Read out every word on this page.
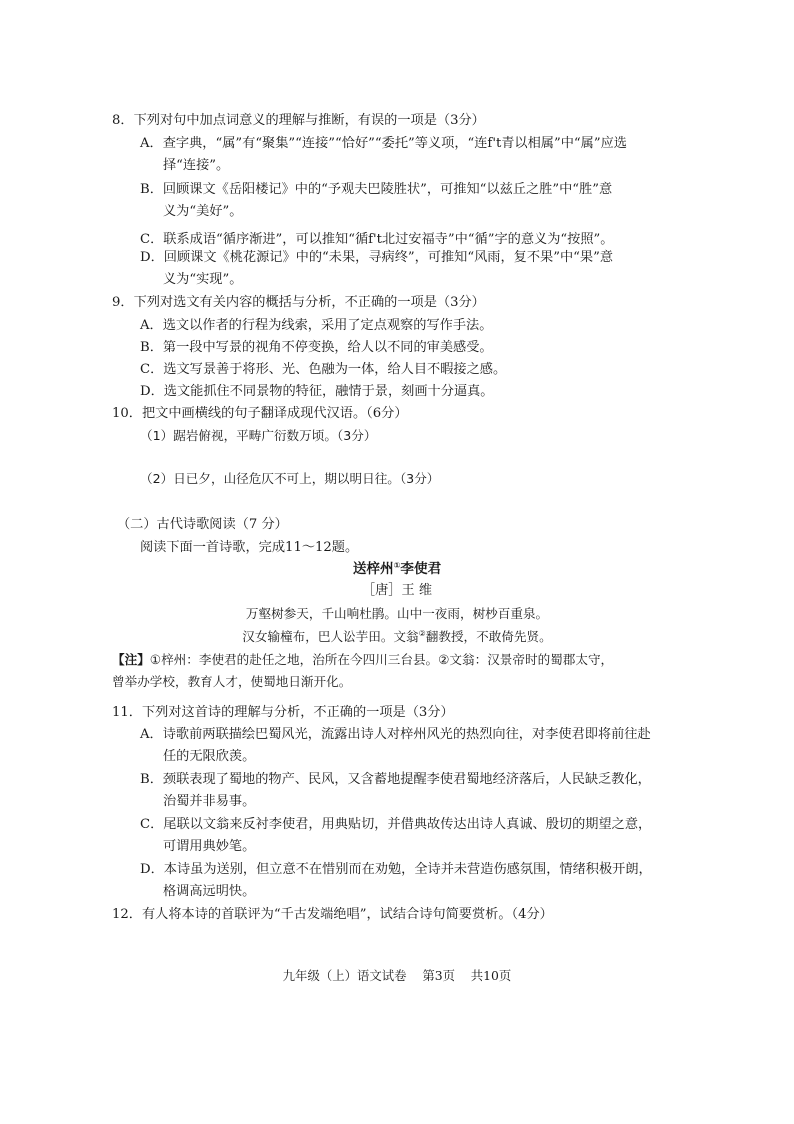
8．下列对句中加点词意义的理解与推断，有误的一项是（3分）
A．查字典，“属”有“聚集”“连接”“恰好”“委托”等义项，“连f't青以相属”中“属”应选
择“连接”。
B．回顾课文《岳阳楼记》中的“予观夫巴陵胜状”，可推知“以兹丘之胜”中“胜”意
义为“美好”。
C．联系成语“循序渐进”，可以推知“循f't北过安福寺”中“循”字的意义为“按照”。
D．回顾课文《桃花源记》中的“未果，寻病终”，可推知“风雨，复不果”中“果”意
义为“实现”。
9．下列对选文有关内容的概括与分析，不正确的一项是（3分）
A．选文以作者的行程为线索，采用了定点观察的写作手法。
B．第一段中写景的视角不停变换，给人以不同的审美感受。
C．选文写景善于将形、光、色融为一体，给人目不暇接之感。
D．选文能抓住不同景物的特征，融情于景，刻画十分逼真。
10．把文中画横线的句子翻译成现代汉语。（6分）
（1）踞岩俯视，平畴广衍数万顷。（3分）
（2）日已夕，山径危仄不可上，期以明日往。（3分）
（二）古代诗歌阅读（7 分）
阅读下面一首诗歌，完成11～12题。
送梓州①李使君
［唐］王 维
万壑树参天，千山响杜鹃。山中一夜雨，树杪百重泉。
汉女输橦布，巴人讼芋田。文翁②翻教授，不敢倚先贤。
【注】①梓州：李使君的赴任之地，治所在今四川三台县。②文翁：汉景帝时的蜀郡太守，
曾举办学校，教育人才，使蜀地日渐开化。
11．下列对这首诗的理解与分析，不正确的一项是（3分）
A．诗歌前两联描绘巴蜀风光，流露出诗人对梓州风光的热烈向往，对李使君即将前往赴
任的无限欣羡。
B．颈联表现了蜀地的物产、民风，又含蓄地提醒李使君蜀地经济落后，人民缺乏教化，
治蜀并非易事。
C．尾联以文翁来反衬李使君，用典贴切，并借典故传达出诗人真诚、殷切的期望之意，
可谓用典妙笔。
D．本诗虽为送别，但立意不在惜别而在劝勉，全诗并未营造伤感氛围，情绪积极开朗，
格调高远明快。
12．有人将本诗的首联评为“千古发端绝唱”，试结合诗句简要赏析。（4分）
九年级（上）语文试卷    第3页    共10页
